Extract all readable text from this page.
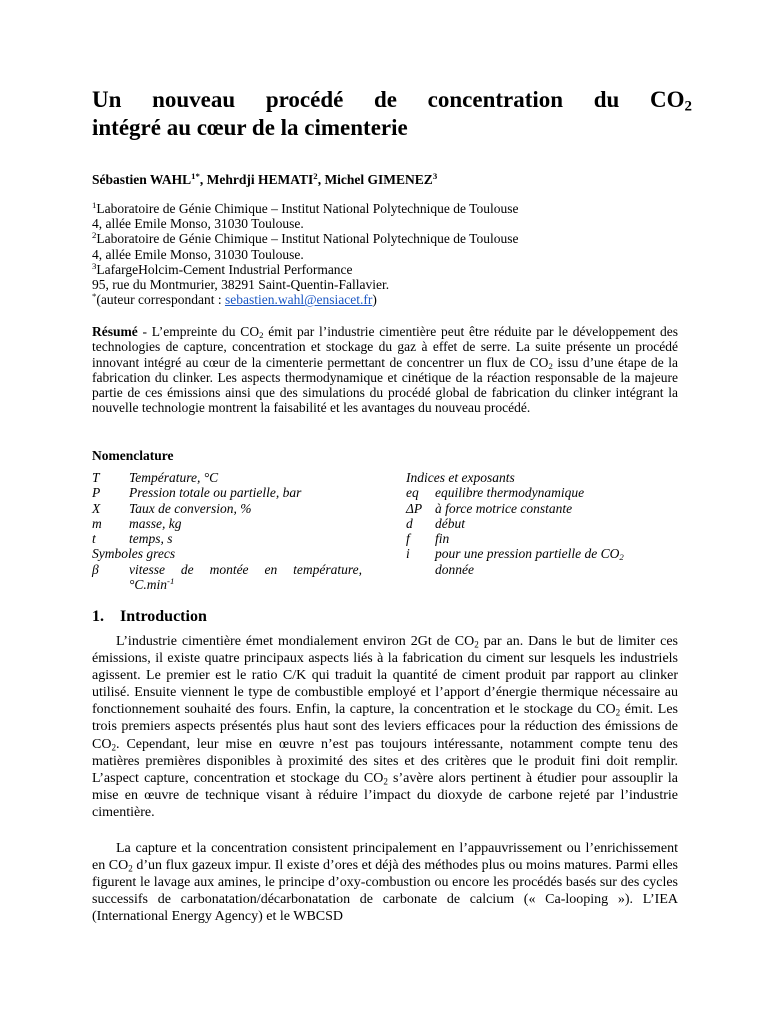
Un nouveau procédé de concentration du $CO_2$
intégré au cœur de la cimenterie
Sébastien $WAHL^{1*}$, Mehrdji HEMATI$^2$, Michel GIMENEZ$^3$
$^1$Laboratoire de Génie Chimique – Institut National Polytechnique de Toulouse
4, allée Emile Monso, 31030 Toulouse.
$^2$Laboratoire de Génie Chimique – Institut National Polytechnique de Toulouse
4, allée Emile Monso, 31030 Toulouse.
$^3$LafargeHolcim-Cement Industrial Performance
95, rue du Montmurier, 38291 Saint-Quentin-Fallavier.
*(auteur correspondant : sebastien.wahl@ensiacet.fr)
Résumé - L’empreinte du $CO_2$ émit par l’industrie cimentière peut être réduite par le développement des technologies de capture, concentration et stockage du gaz à effet de serre. La suite présente un procédé innovant intégré au cœur de la cimenterie permettant de concentrer un flux de $CO_2$ issu d’une étape de la fabrication du clinker. Les aspects thermodynamique et cinétique de la réaction responsable de la majeure partie de ces émissions ainsi que des simulations du procédé global de fabrication du clinker intégrant la nouvelle technologie montrent la faisabilité et les avantages du nouveau procédé.
Nomenclature
T	Température, °C
P	Pression totale ou partielle, bar
X	Taux de conversion, %
m	masse, kg
t	temps, s
Symboles grecs
β	vitesse de montée en température,
$^\circ C.\min^{-1}$
Indices et exposants
eq	equilibre thermodynamique
ΔP à force motrice constante
d	début
f	fin
i	pour une pression partielle de $CO_2$
donnée
1. Introduction
L’industrie cimentière émet mondialement environ 2Gt de $CO_2$ par an. Dans le but de limiter ces émissions, il existe quatre principaux aspects liés à la fabrication du ciment sur lesquels les industriels agissent. Le premier est le ratio C/K qui traduit la quantité de ciment produit par rapport au clinker utilisé. Ensuite viennent le type de combustible employé et l’apport d’énergie thermique nécessaire au fonctionnement souhaité des fours. Enfin, la capture, la concentration et le stockage du $CO_2$ émit. Les trois premiers aspects présentés plus haut sont des leviers efficaces pour la réduction des émissions de $CO_2$. Cependant, leur mise en œuvre n’est pas toujours intéressante, notamment compte tenu des matières premières disponibles à proximité des sites et des critères que le produit fini doit remplir. L’aspect capture, concentration et stockage du $CO_2$ s’avère alors pertinent à étudier pour assouplir la mise en œuvre de technique visant à réduire l’impact du dioxyde de carbone rejeté par l’industrie cimentière.
La capture et la concentration consistent principalement en l’appauvrissement ou l’enrichissement en $CO_2$ d’un flux gazeux impur. Il existe d’ores et déjà des méthodes plus ou moins matures. Parmi elles figurent le lavage aux amines, le principe d’oxy-combustion ou encore les procédés basés sur des cycles successifs de carbonatation/décarbonatation de carbonate de calcium (« Ca-looping »). L’IEA (International Energy Agency) et le WBCSD
